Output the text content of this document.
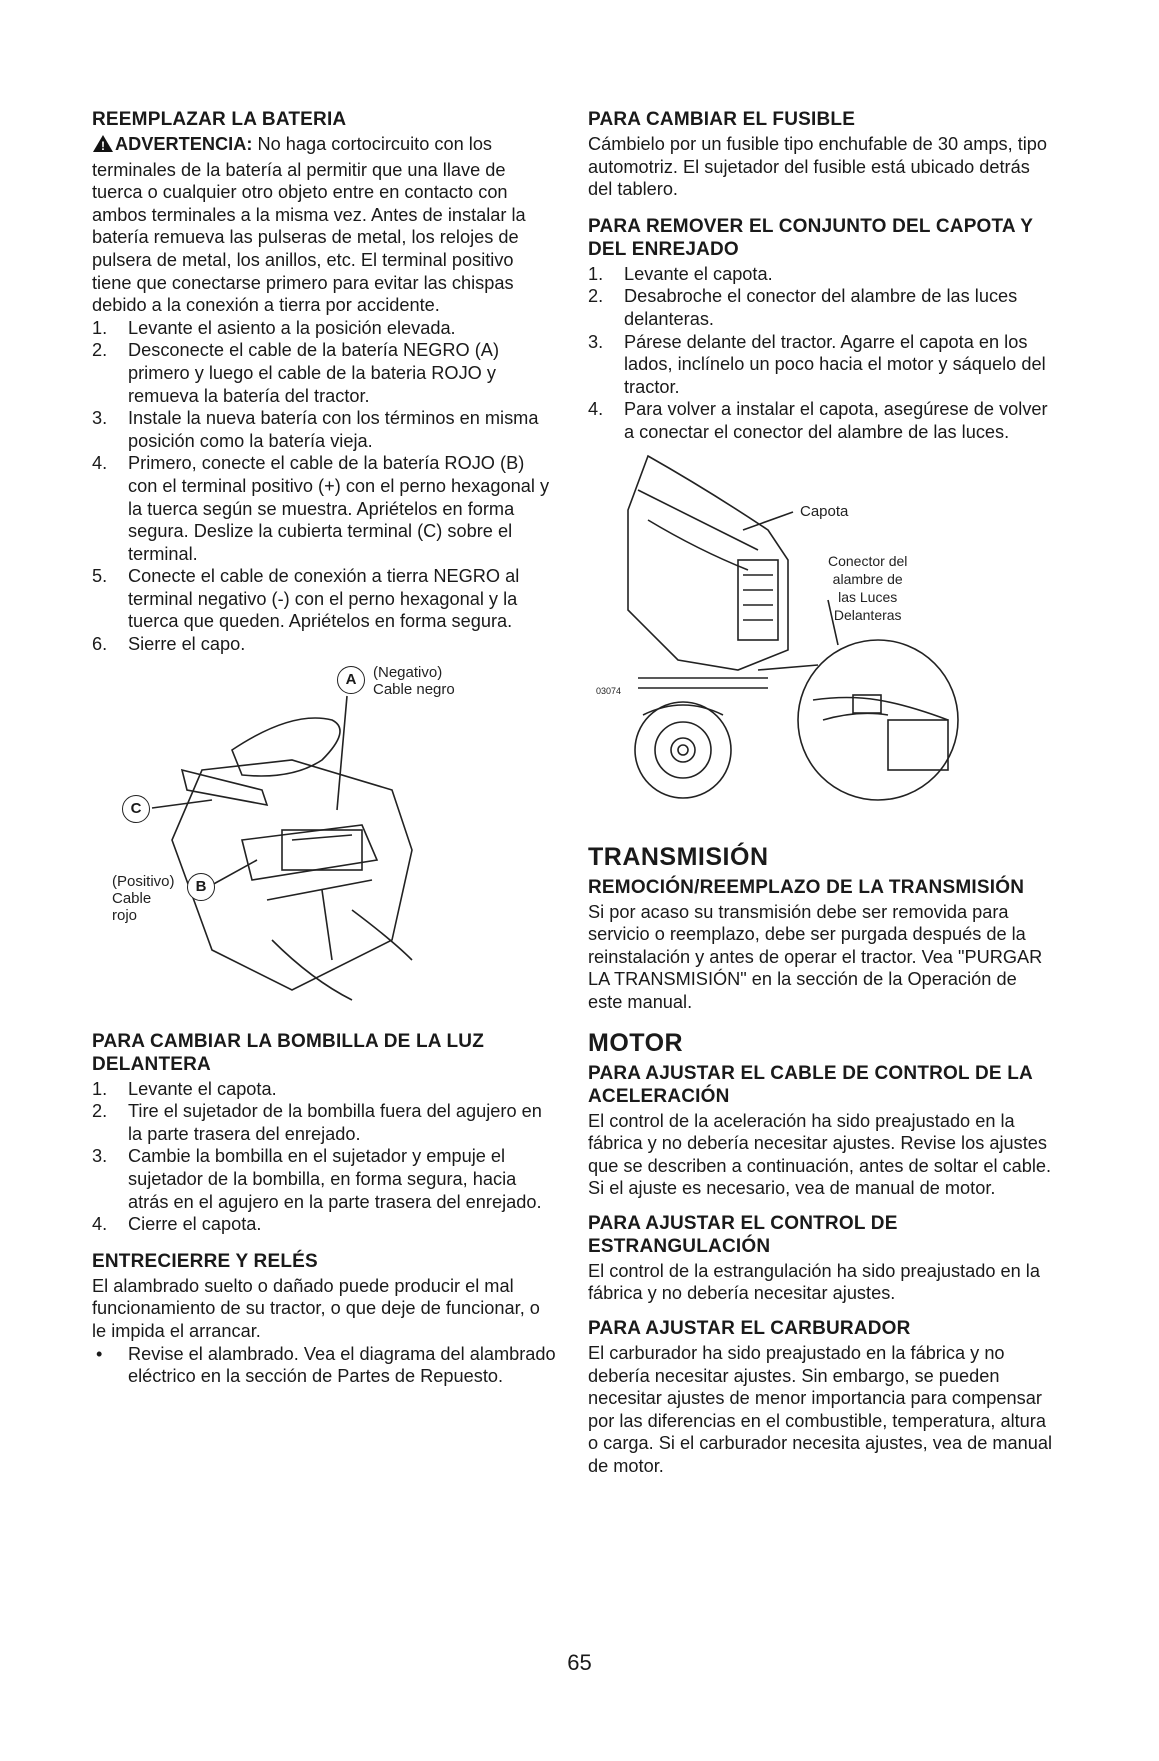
REEMPLAZAR LA BATERIA

! ADVERTENCIA: No haga cortocircuito con los terminales de la batería al permitir que una llave de tuerca o cualquier otro objeto entre en contacto con ambos terminales a la misma vez. Antes de instalar la batería remueva las pulseras de metal, los relojes de pulsera de metal, los anillos, etc. El terminal positivo tiene que conectarse primero para evitar las chispas debido a la conexión a tierra por accidente.

1. Levante el asiento a la posición elevada.
2. Desconecte el cable de la batería NEGRO (A) primero y luego el cable de la bateria ROJO y remueva la batería del tractor.
3. Instale la nueva batería con los términos en misma posición como la batería vieja.
4. Primero, conecte el cable de la batería ROJO (B) con el terminal positivo (+) con el perno hexagonal y la tuerca según se muestra. Apriételos en forma segura. Deslize la cubierta terminal (C) sobre el terminal.
5. Conecte el cable de conexión a tierra NEGRO al terminal negativo (-) con el perno hexagonal y la tuerca que queden. Apriételos en forma segura.
6. Sierre el capo.
A	(Negativo)
Cable negro
C
B
(Positivo)
Cable
rojo
PARA CAMBIAR LA BOMBILLA DE LA LUZ DELANTERA
1. Levante el capota.
2. Tire el sujetador de la bombilla fuera del agujero en la parte trasera del enrejado.
3. Cambie la bombilla en el sujetador y empuje el sujetador de la bombilla, en forma segura, hacia atrás en el agujero en la parte trasera del enrejado.
4. Cierre el capota.
ENTRECIERRE Y RELÉS

El alambrado suelto o dañado puede producir el mal funcionamiento de su tractor, o que deje de funcionar, o le impida el arrancar.

• Revise el alambrado. Vea el diagrama del alambrado eléctrico en la sección de Partes de Repuesto.
PARA CAMBIAR EL FUSIBLE

Cámbielo por un fusible tipo enchufable de 30 amps, tipo automotriz. El sujetador del fusible está ubicado detrás del tablero.

PARA REMOVER EL CONJUNTO DEL CAPOTA Y DEL ENREJADO
1. Levante el capota.
2. Desabroche el conector del alambre de las luces delanteras.
3. Párese delante del tractor. Agarre el capota en los lados, inclínelo un poco hacia el motor y sáquelo del tractor.
4. Para volver a instalar el capota, asegúrese de volver a conectar el conector del alambre de las luces.
03074
Capota
Conector del
alambre de
las Luces
Delanteras
TRANSMISIÓN
REMOCIÓN/REEMPLAZO DE LA TRANSMISIÓN

Si por acaso su transmisión debe ser removida para servicio o reemplazo, debe ser purgada después de la reinstalación y antes de operar el tractor. Vea "PURGAR LA TRANSMISIÓN" en la sección de la Operación de este manual.

MOTOR
PARA AJUSTAR EL CABLE DE CONTROL DE LA ACELERACIÓN

El control de la aceleración ha sido preajustado en la fábrica y no debería necesitar ajustes. Revise los ajustes que se describen a continuación, antes de soltar el cable. Si el ajuste es necesario, vea de manual de motor.

PARA AJUSTAR EL CONTROL DE ESTRANGULACIÓN

El control de la estrangulación ha sido preajustado en la fábrica y no debería necesitar ajustes.

PARA AJUSTAR EL CARBURADOR

El carburador ha sido preajustado en la fábrica y no debería necesitar ajustes. Sin embargo, se pueden necesitar ajustes de menor importancia para compensar por las diferencias en el combustible, temperatura, altura o carga. Si el carburador necesita ajustes, vea de manual de motor.

65
